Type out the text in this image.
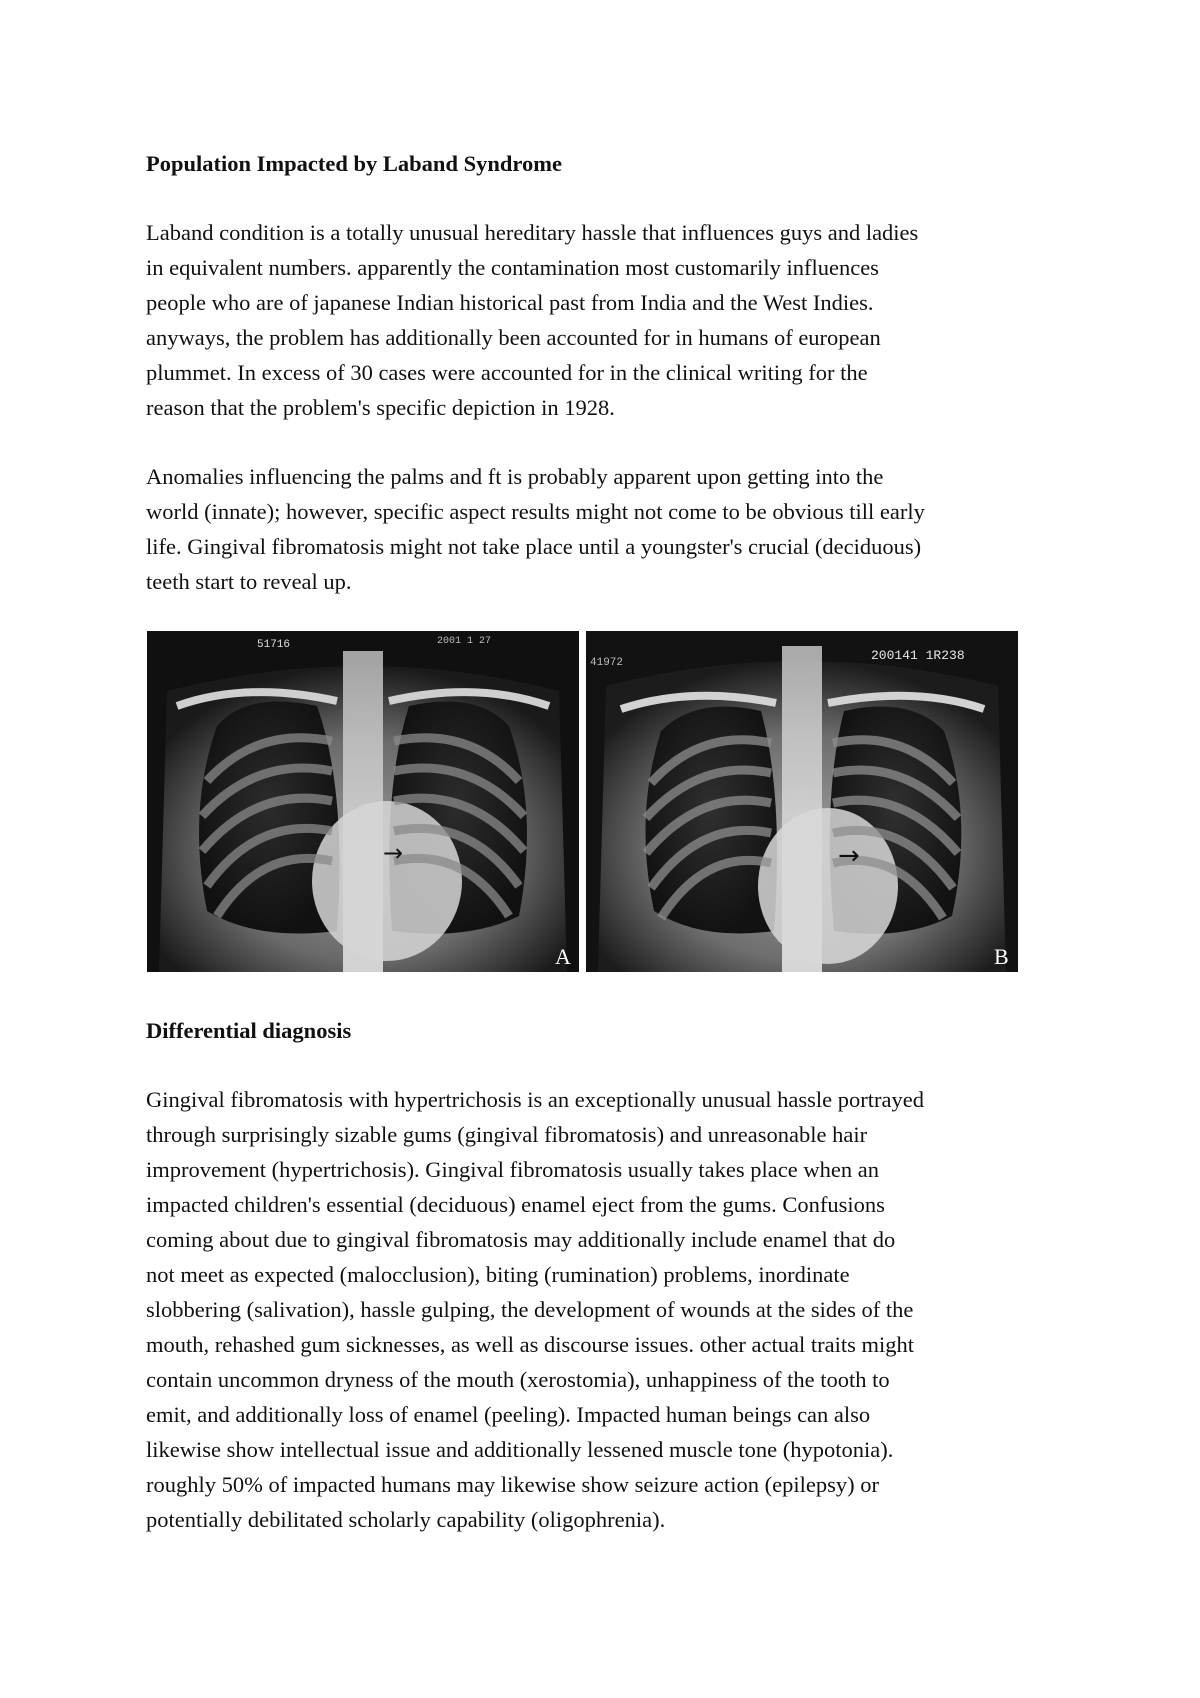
Population Impacted by Laband Syndrome
Laband condition is a totally unusual hereditary hassle that influences guys and ladies
in equivalent numbers. apparently the contamination most customarily influences
people who are of japanese Indian historical past from India and the West Indies.
anyways, the problem has additionally been accounted for in humans of european
plummet. In excess of 30 cases were accounted for in the clinical writing for the
reason that the problem's specific depiction in 1928.
Anomalies influencing the palms and ft is probably apparent upon getting into the
world (innate); however, specific aspect results might not come to be obvious till early
life. Gingival fibromatosis might not take place until a youngster's crucial (deciduous)
teeth start to reveal up.
51716	2001 1 27
→
A
41972	200141 1R238
→
B
Differential diagnosis
Gingival fibromatosis with hypertrichosis is an exceptionally unusual hassle portrayed
through surprisingly sizable gums (gingival fibromatosis) and unreasonable hair
improvement (hypertrichosis). Gingival fibromatosis usually takes place when an
impacted children's essential (deciduous) enamel eject from the gums. Confusions
coming about due to gingival fibromatosis may additionally include enamel that do
not meet as expected (malocclusion), biting (rumination) problems, inordinate
slobbering (salivation), hassle gulping, the development of wounds at the sides of the
mouth, rehashed gum sicknesses, as well as discourse issues. other actual traits might
contain uncommon dryness of the mouth (xerostomia), unhappiness of the tooth to
emit, and additionally loss of enamel (peeling). Impacted human beings can also
likewise show intellectual issue and additionally lessened muscle tone (hypotonia).
roughly 50% of impacted humans may likewise show seizure action (epilepsy) or
potentially debilitated scholarly capability (oligophrenia).
